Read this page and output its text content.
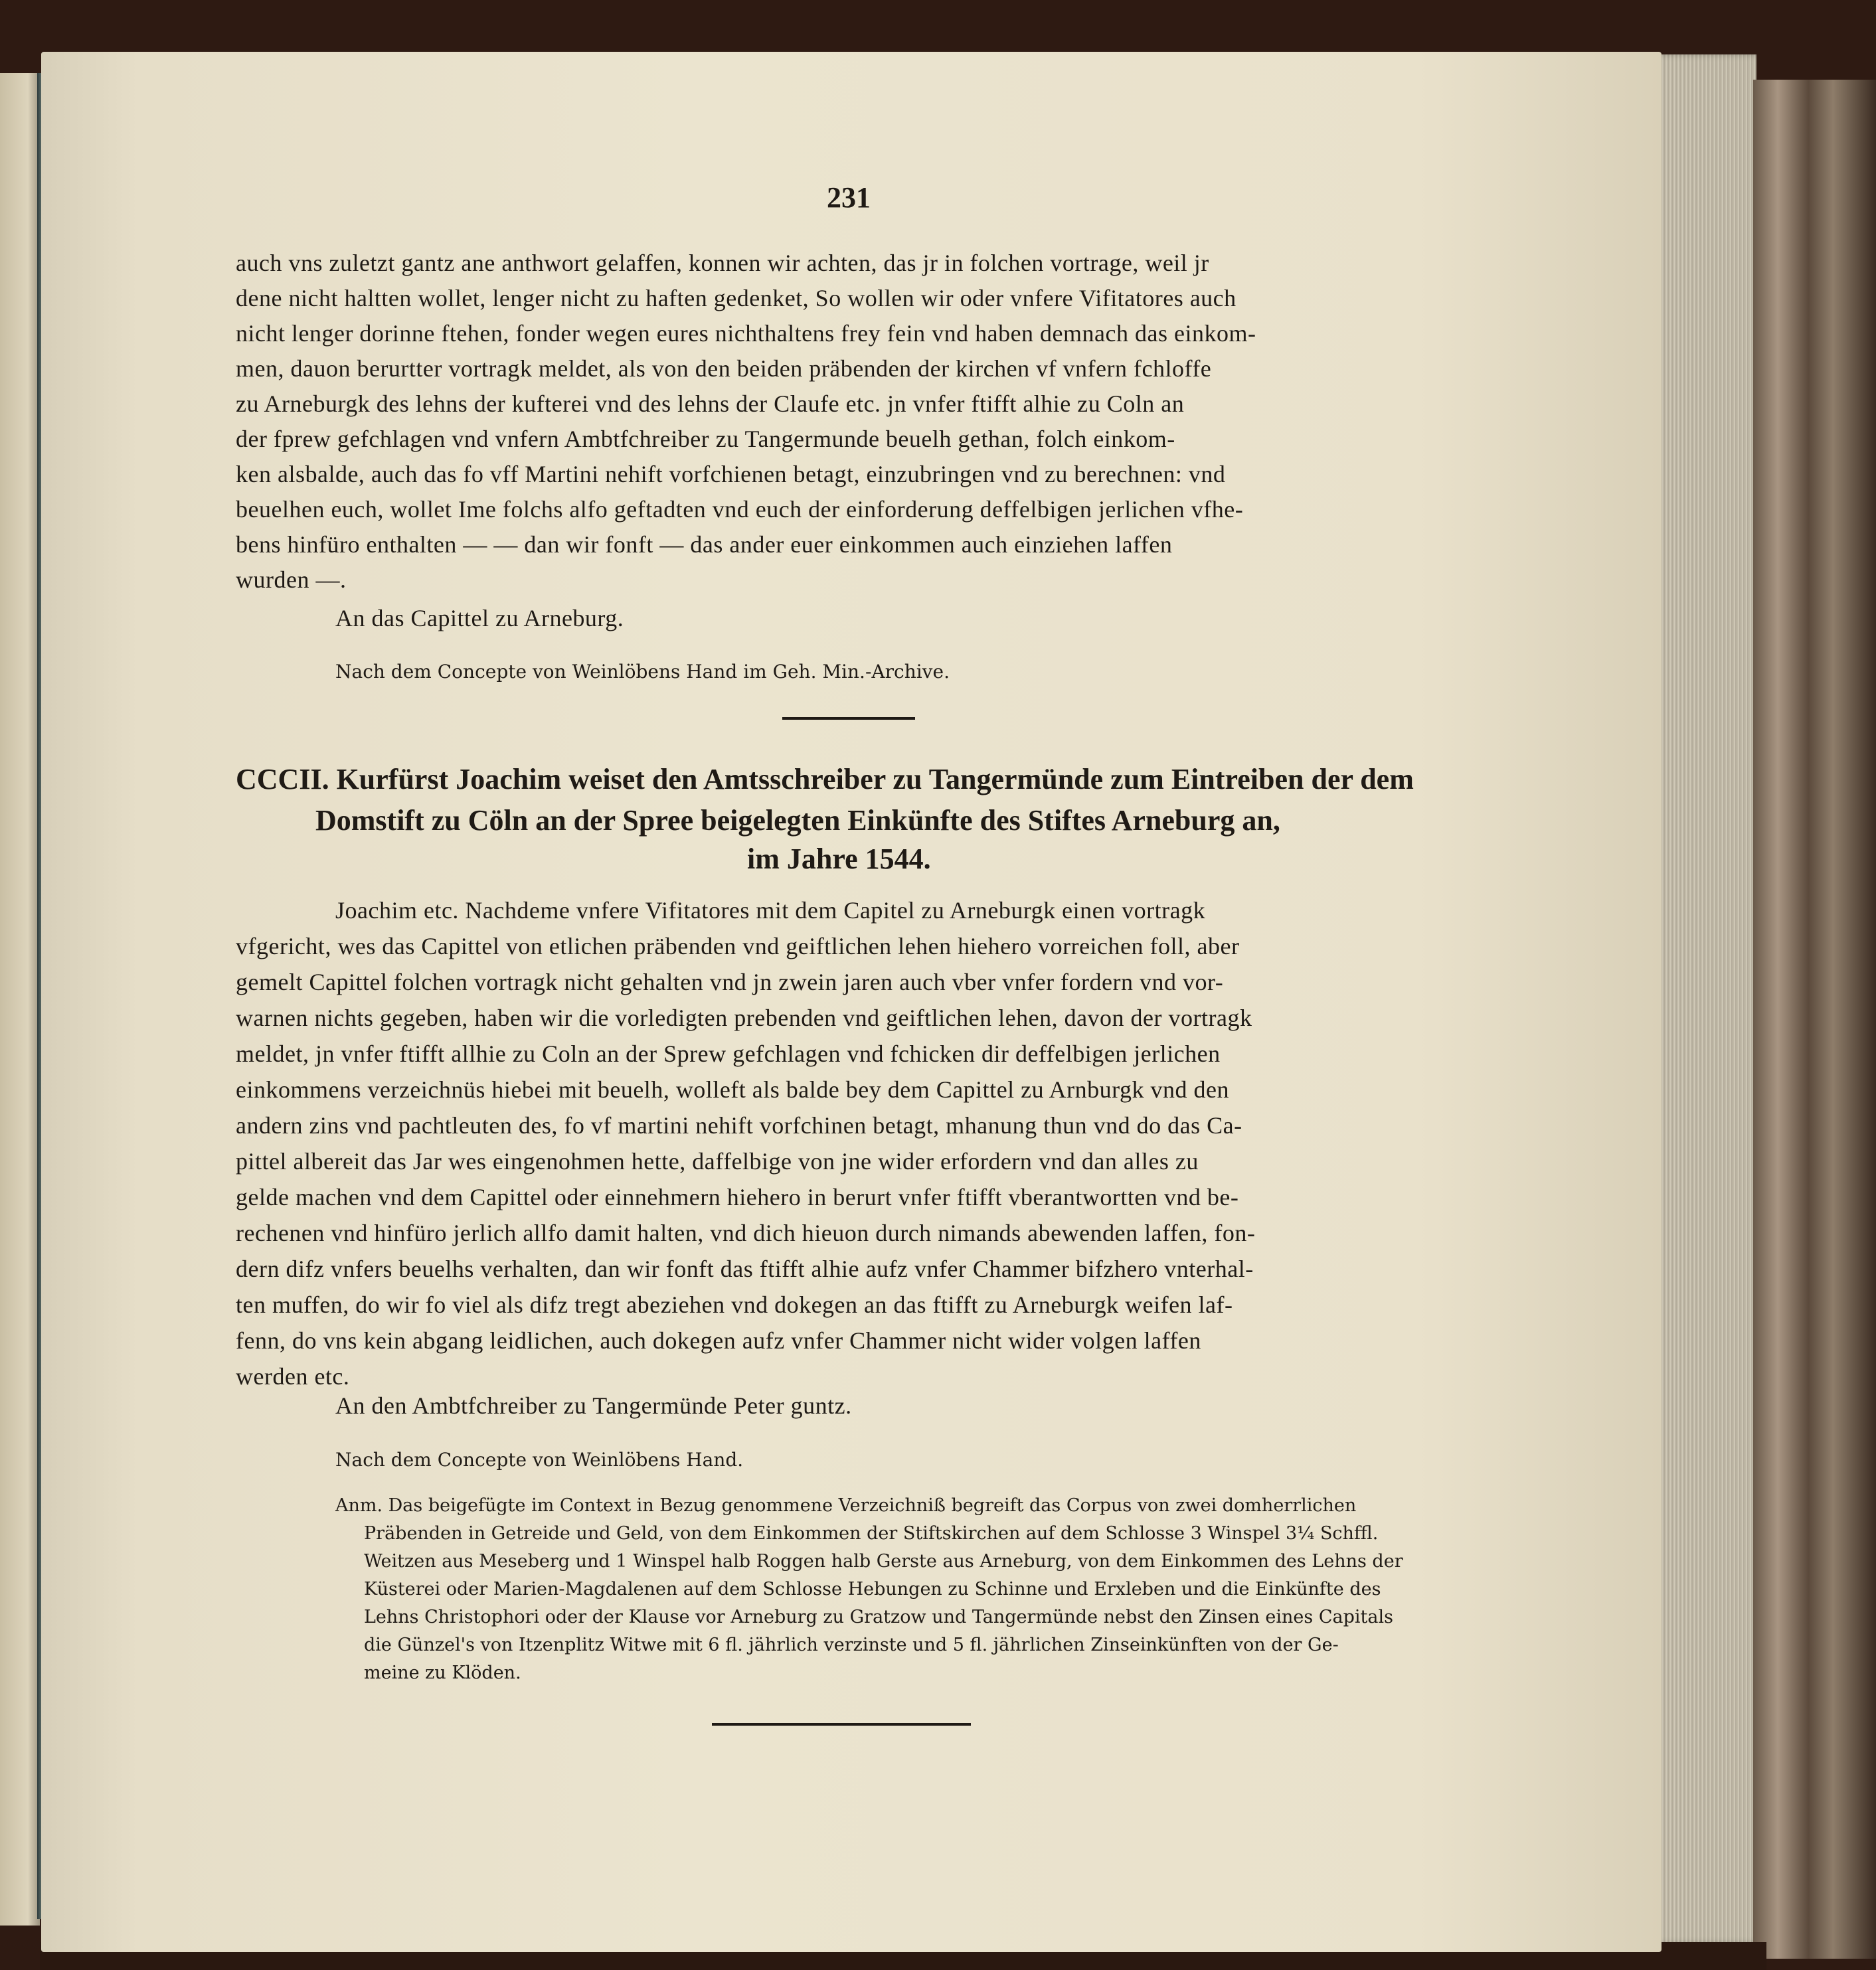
231
auch vns zuletzt gantz ane anthwort gelaffen, konnen wir achten, das jr in folchen vortrage, weil jr
dene nicht haltten wollet, lenger nicht zu haften gedenket, So wollen wir oder vnfere Vifitatores auch
nicht lenger dorinne ftehen, fonder wegen eures nichthaltens frey fein vnd haben demnach das einkom-
men, dauon berurtter vortragk meldet, als von den beiden präbenden der kirchen vf vnfern fchloffe
zu Arneburgk des lehns der kufterei vnd des lehns der Claufe etc. jn vnfer ftifft alhie zu Coln an
der fprew gefchlagen vnd vnfern Ambtfchreiber zu Tangermunde beuelh gethan, folch einkom-
ken alsbalde, auch das fo vff Martini nehift vorfchienen betagt, einzubringen vnd zu berechnen: vnd
beuelhen euch, wollet Ime folchs alfo geftadten vnd euch der einforderung deffelbigen jerlichen vfhe-
bens hinfüro enthalten — — dan wir fonft — das ander euer einkommen auch einziehen laffen
wurden —.
An das Capittel zu Arneburg.
Nach dem Concepte von Weinlöbens Hand im Geh. Min.-Archive.
CCCII. Kurfürst Joachim weiset den Amtsschreiber zu Tangermünde zum Eintreiben der dem
Domstift zu Cöln an der Spree beigelegten Einkünfte des Stiftes Arneburg an,
im Jahre 1544.
Joachim etc. Nachdeme vnfere Vifitatores mit dem Capitel zu Arneburgk einen vortragk
vfgericht, wes das Capittel von etlichen präbenden vnd geiftlichen lehen hiehero vorreichen foll, aber
gemelt Capittel folchen vortragk nicht gehalten vnd jn zwein jaren auch vber vnfer fordern vnd vor-
warnen nichts gegeben, haben wir die vorledigten prebenden vnd geiftlichen lehen, davon der vortragk
meldet, jn vnfer ftifft allhie zu Coln an der Sprew gefchlagen vnd fchicken dir deffelbigen jerlichen
einkommens verzeichnüs hiebei mit beuelh, wolleft als balde bey dem Capittel zu Arnburgk vnd den
andern zins vnd pachtleuten des, fo vf martini nehift vorfchinen betagt, mhanung thun vnd do das Ca-
pittel albereit das Jar wes eingenohmen hette, daffelbige von jne wider erfordern vnd dan alles zu
gelde machen vnd dem Capittel oder einnehmern hiehero in berurt vnfer ftifft vberantwortten vnd be-
rechenen vnd hinfüro jerlich allfo damit halten, vnd dich hieuon durch nimands abewenden laffen, fon-
dern difz vnfers beuelhs verhalten, dan wir fonft das ftifft alhie aufz vnfer Chammer bifzhero vnterhal-
ten muffen, do wir fo viel als difz tregt abeziehen vnd dokegen an das ftifft zu Arneburgk weifen laf-
fenn, do vns kein abgang leidlichen, auch dokegen aufz vnfer Chammer nicht wider volgen laffen
werden etc.
An den Ambtfchreiber zu Tangermünde Peter guntz.
Nach dem Concepte von Weinlöbens Hand.
Anm. Das beigefügte im Context in Bezug genommene Verzeichniß begreift das Corpus von zwei domherrlichen
Präbenden in Getreide und Geld, von dem Einkommen der Stiftskirchen auf dem Schlosse 3 Winspel 3¼ Schffl.
Weitzen aus Meseberg und 1 Winspel halb Roggen halb Gerste aus Arneburg, von dem Einkommen des Lehns der
Küsterei oder Marien-Magdalenen auf dem Schlosse Hebungen zu Schinne und Erxleben und die Einkünfte des
Lehns Christophori oder der Klause vor Arneburg zu Gratzow und Tangermünde nebst den Zinsen eines Capitals
die Günzel's von Itzenplitz Witwe mit 6 fl. jährlich verzinste und 5 fl. jährlichen Zinseinkünften von der Ge-
meine zu Klöden.
